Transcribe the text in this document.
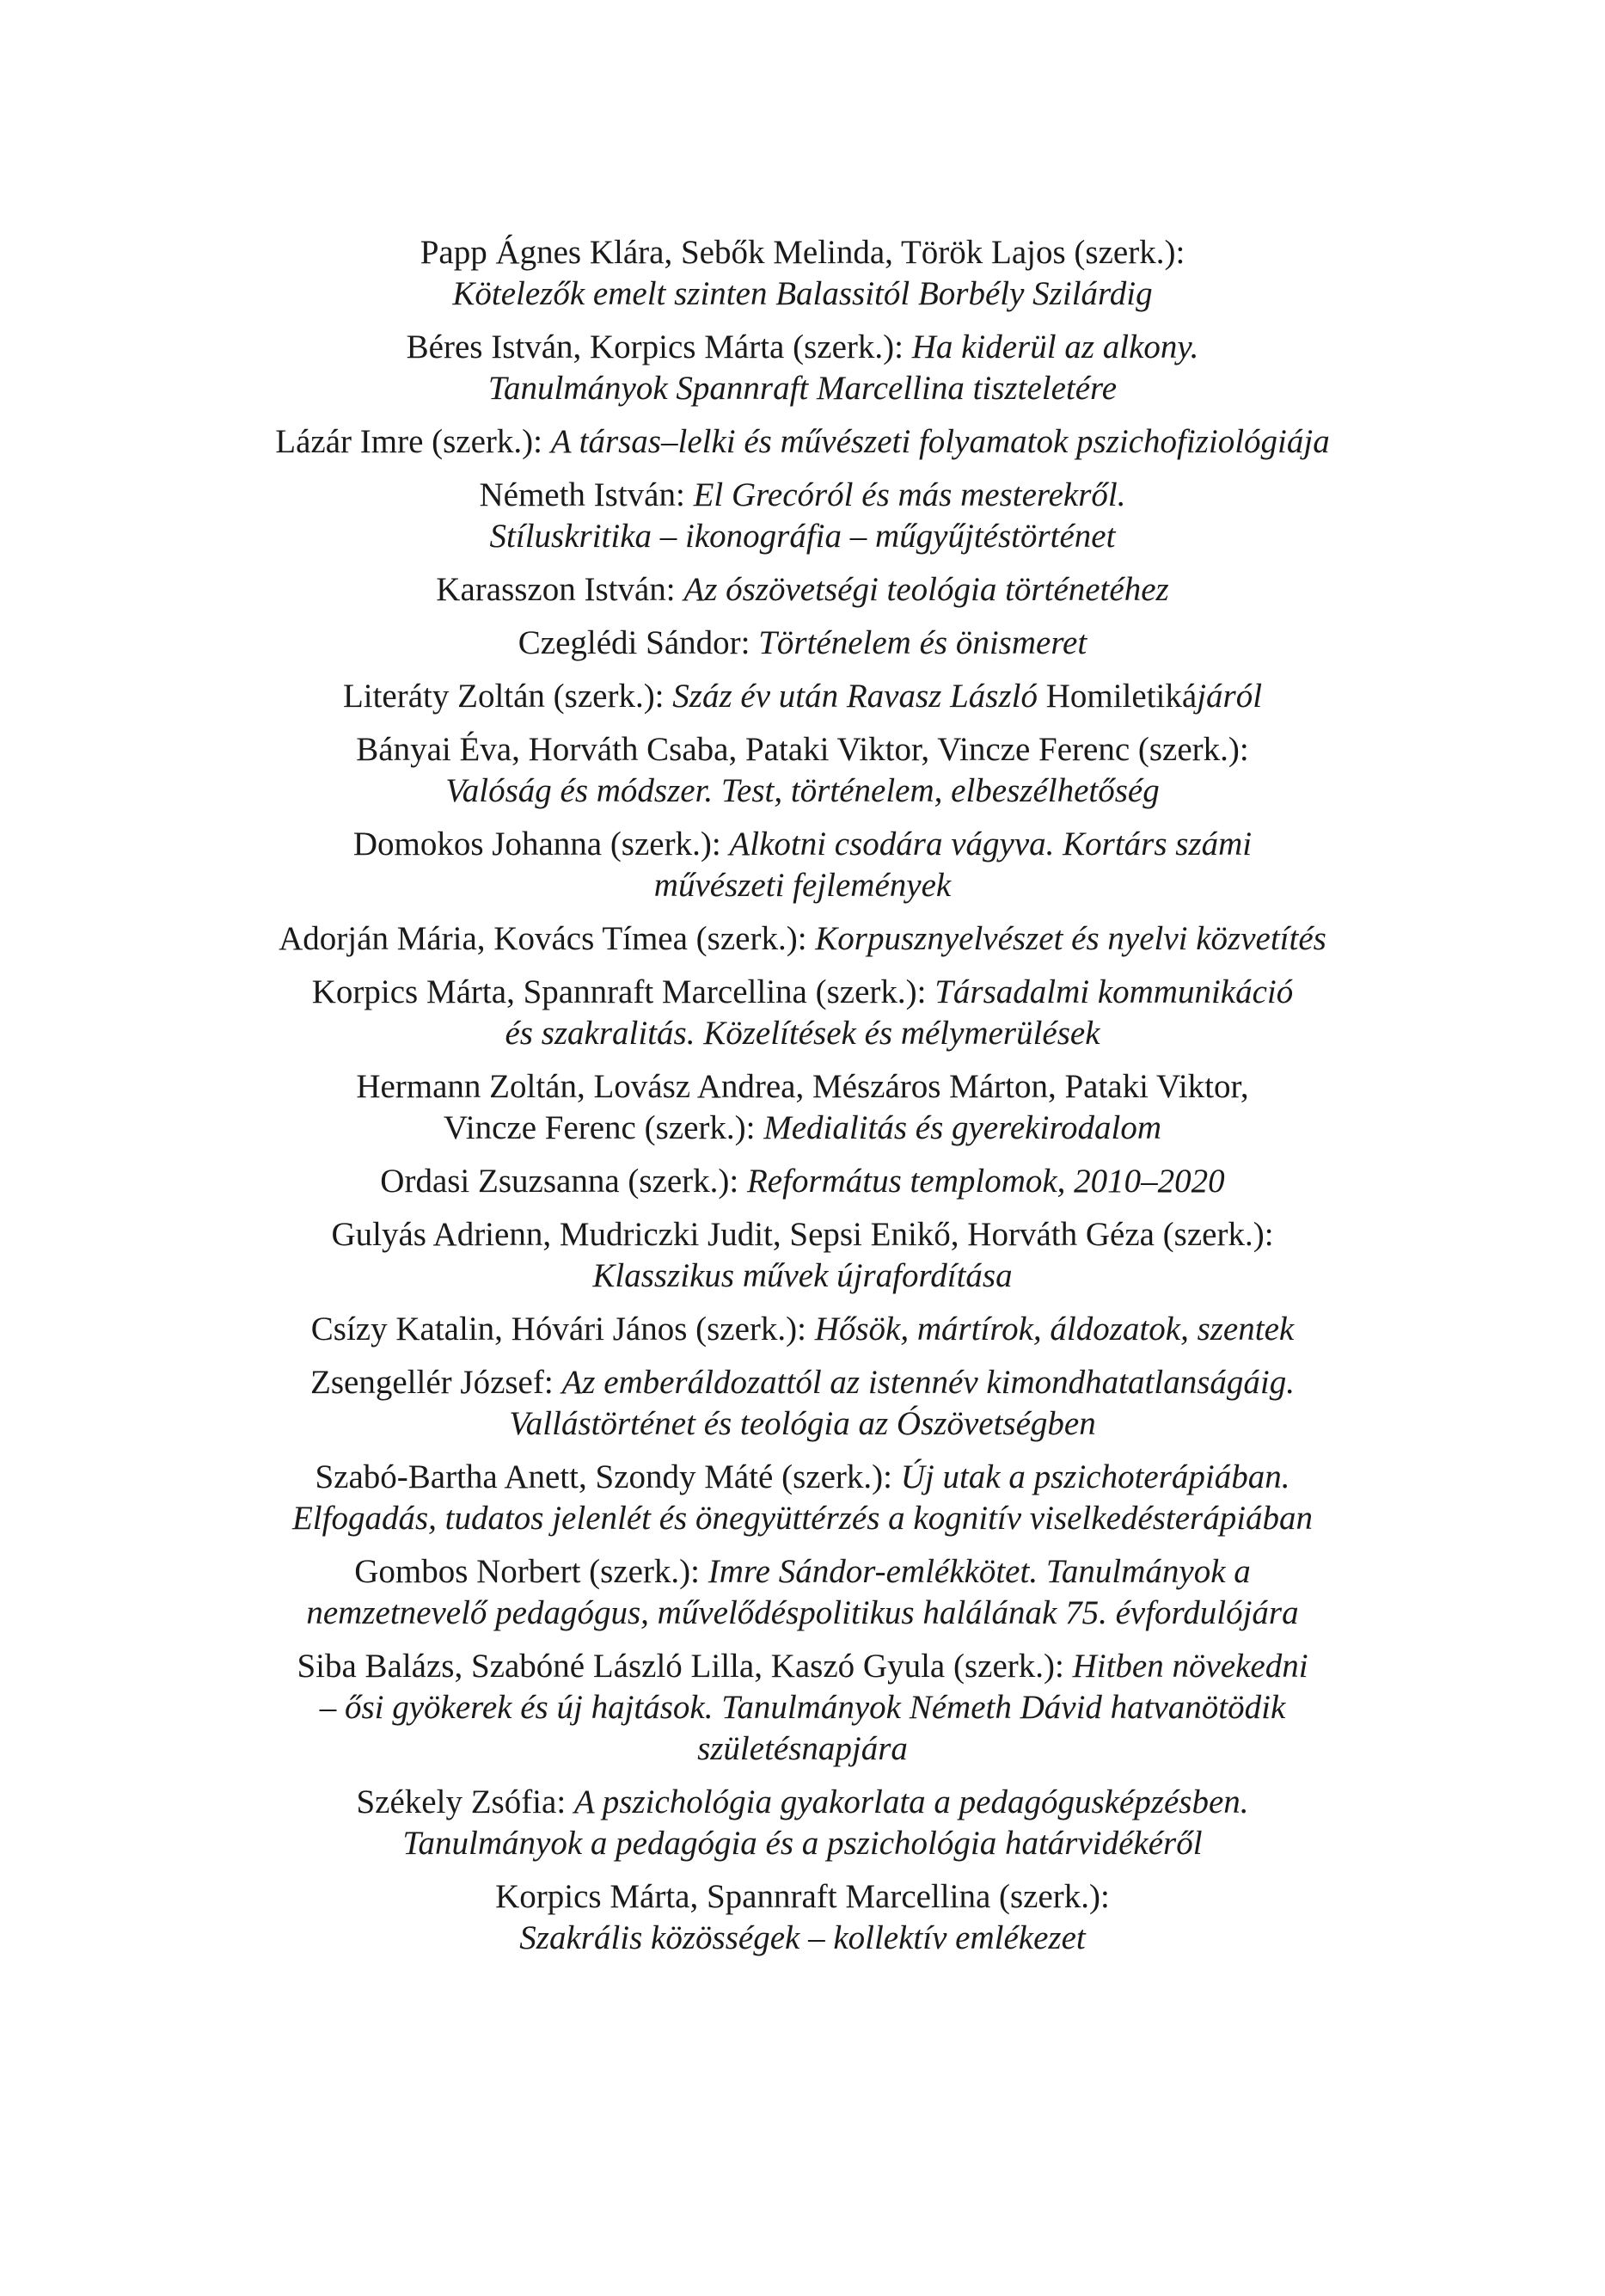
Papp Ágnes Klára, Sebők Melinda, Török Lajos (szerk.):
Kötelezők emelt szinten Balassitól Borbély Szilárdig
Béres István, Korpics Márta (szerk.): Ha kiderül az alkony.
Tanulmányok Spannraft Marcellina tiszteletére
Lázár Imre (szerk.): A társas–lelki és művészeti folyamatok pszichofiziológiája
Németh István: El Grecóról és más mesterekről.
Stíluskritika – ikonográfia – műgyűjtéstörténet
Karasszon István: Az ószövetségi teológia történetéhez
Czeglédi Sándor: Történelem és önismeret
Literáty Zoltán (szerk.): Száz év után Ravasz László Homiletikájáról
Bányai Éva, Horváth Csaba, Pataki Viktor, Vincze Ferenc (szerk.):
Valóság és módszer. Test, történelem, elbeszélhetőség
Domokos Johanna (szerk.): Alkotni csodára vágyva. Kortárs számi
művészeti fejlemények
Adorján Mária, Kovács Tímea (szerk.): Korpusznyelvészet és nyelvi közvetítés
Korpics Márta, Spannraft Marcellina (szerk.): Társadalmi kommunikáció
és szakralitás. Közelítések és mélymerülések
Hermann Zoltán, Lovász Andrea, Mészáros Márton, Pataki Viktor,
Vincze Ferenc (szerk.): Medialitás és gyerekirodalom
Ordasi Zsuzsanna (szerk.): Református templomok, 2010–2020
Gulyás Adrienn, Mudriczki Judit, Sepsi Enikő, Horváth Géza (szerk.):
Klasszikus művek újrafordítása
Csízy Katalin, Hóvári János (szerk.): Hősök, mártírok, áldozatok, szentek
Zsengellér József: Az emberáldozattól az istennév kimondhatatlanságáig.
Vallástörténet és teológia az Ószövetségben
Szabó-Bartha Anett, Szondy Máté (szerk.): Új utak a pszichoterápiában.
Elfogadás, tudatos jelenlét és önegyüttérzés a kognitív viselkedésterápiában
Gombos Norbert (szerk.): Imre Sándor-emlékkötet. Tanulmányok a
nemzetnevelő pedagógus, művelődéspolitikus halálának 75. évfordulójára
Siba Balázs, Szabóné László Lilla, Kaszó Gyula (szerk.): Hitben növekedni
– ősi gyökerek és új hajtások. Tanulmányok Németh Dávid hatvanötödik
születésnapjára
Székely Zsófia: A pszichológia gyakorlata a pedagógusképzésben.
Tanulmányok a pedagógia és a pszichológia határvidékéről
Korpics Márta, Spannraft Marcellina (szerk.):
Szakrális közösségek – kollektív emlékezet
